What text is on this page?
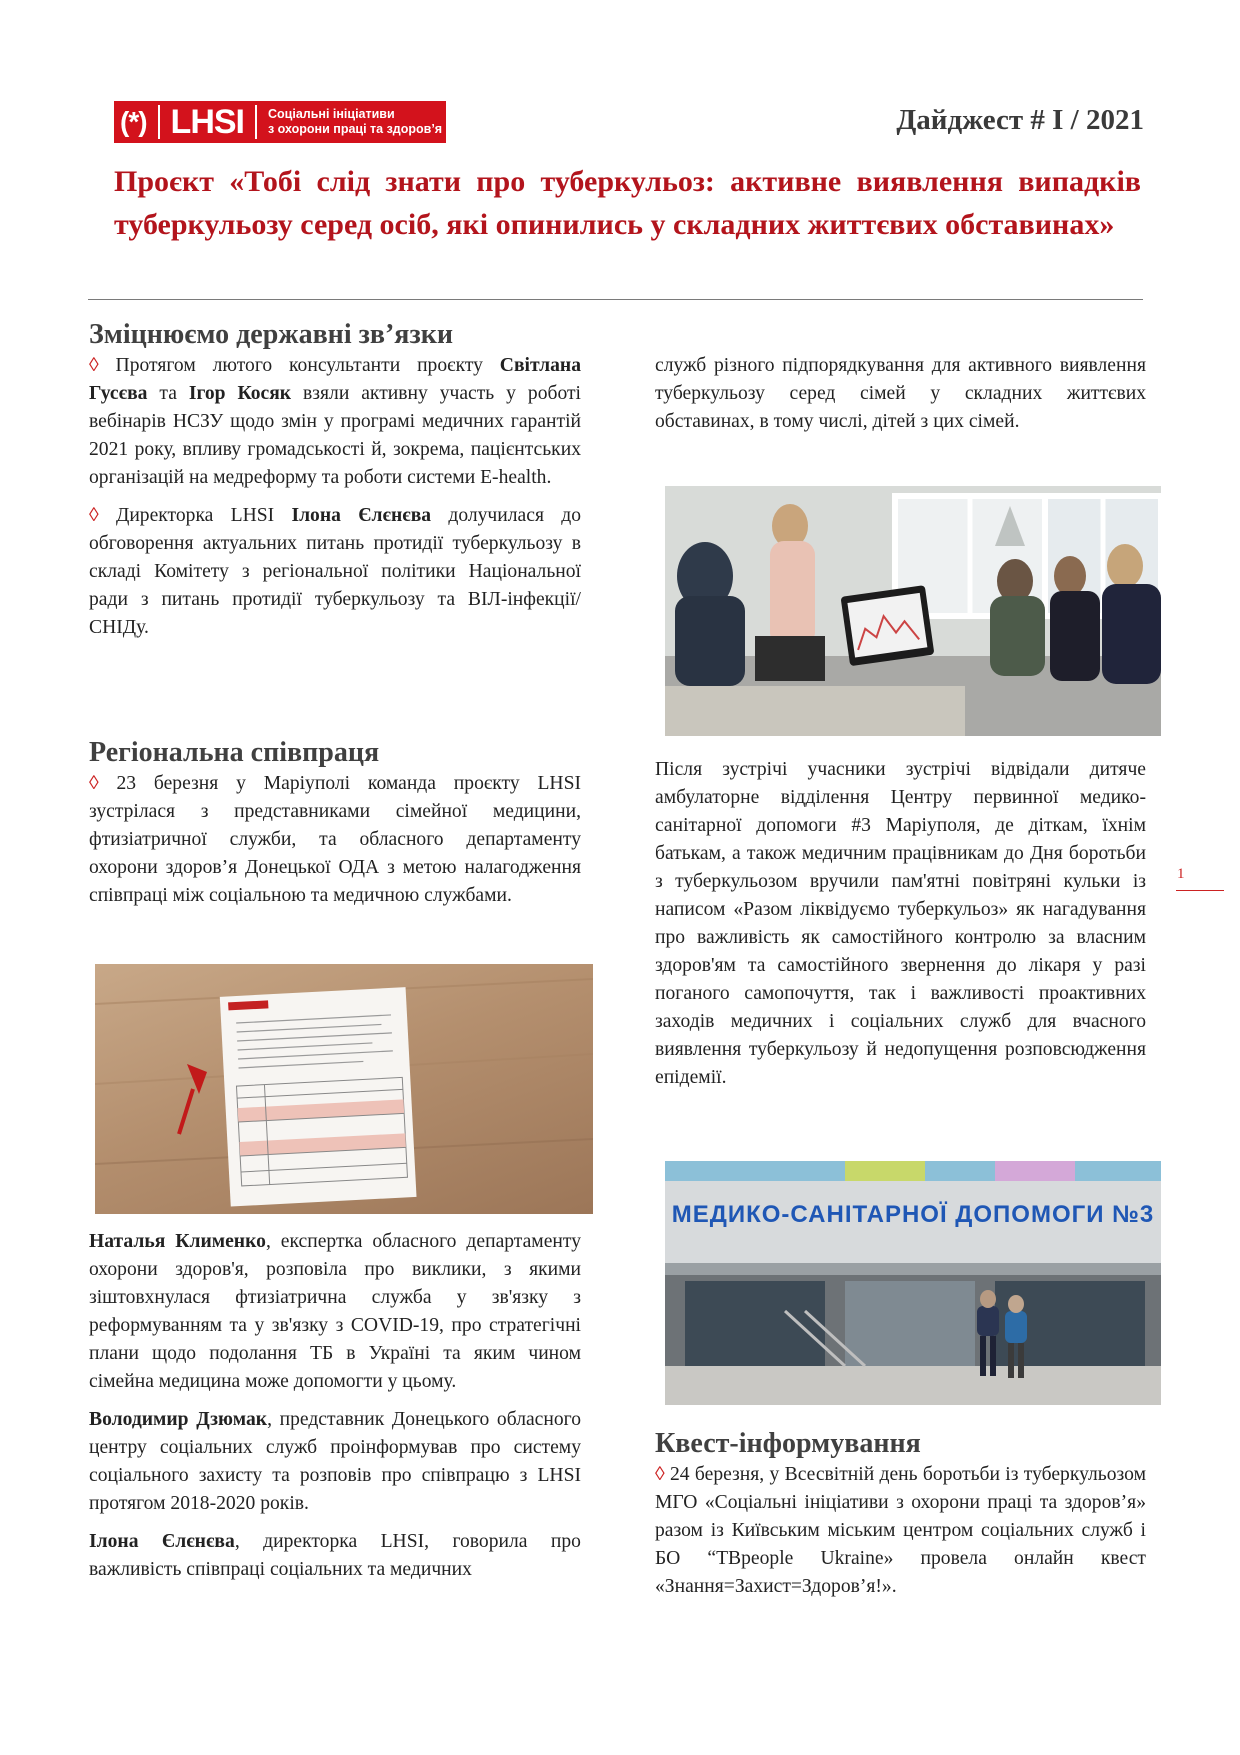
(*) LHSI	Соціальні ініціативи
з охорони праці та здоров’я	Дайджест # I / 2021
Проєкт «Тобі слід знати про туберкульоз: активне виявлення випадків туберкульозу серед осіб, які опинились у складних життєвих обставинах»
Зміцнюємо державні зв’язки

◊ Протягом лютого консультанти проєкту Світлана Гусєва та Ігор Косяк взяли активну участь у роботі вебінарів НСЗУ щодо змін у програмі медичних гарантій 2021 року, впливу громадськості й, зокрема, пацієнтських організацій на медреформу та роботи системи E-health.

◊ Директорка LHSI Ілона Єлєнєва долучилася до обговорення актуальних питань протидії туберкульозу в складі Комітету з регіональної політики Національної ради з питань протидії туберкульозу та ВІЛ-інфекції/СНІДу.

Регіональна співпраця

◊ 23 березня у Маріуполі команда проєкту LHSI зустрілася з представниками сімейної медицини, фтизіатричної служби, та обласного департаменту охорони здоров’я Донецької ОДА з метою налагодження співпраці між соціальною та медичною службами.

Наталья Клименко, експертка обласного департаменту охорони здоров'я, розповіла про виклики, з якими зіштовхнулася фтизіатрична служба у зв'язку з реформуванням та у зв'язку з COVID-19, про стратегічні плани щодо подолання ТБ в Україні та яким чином сімейна медицина може допомогти у цьому.

Володимир Дзюмак, представник Донецького обласного центру соціальних служб проінформував про систему соціального захисту та розповів про співпрацю з LHSI протягом 2018-2020 років.

Ілона Єлєнєва, директорка LHSI, говорила про важливість співпраці соціальних та медичних

служб різного підпорядкування для активного виявлення туберкульозу серед сімей у складних життєвих обставинах, в тому числі, дітей з цих сімей.

Після зустрічі учасники зустрічі відвідали дитяче амбулаторне відділення Центру первинної медико-санітарної допомоги #3 Маріуполя, де діткам, їхнім батькам, а також медичним працівникам до Дня боротьби з туберкульозом вручили пам'ятні повітряні кульки із написом «Разом ліквідуємо туберкульоз» як нагадування про важливість як самостійного контролю за власним здоров'ям та самостійного звернення до лікаря у разі поганого самопочуття, так і важливості проактивних заходів медичних і соціальних служб для вчасного виявлення туберкульозу й недопущення розповсюдження епідемії.

МЕДИКО-САНІТАРНОЇ ДОПОМОГИ №3
Квест-інформування

◊ 24 березня, у Всесвітній день боротьби із туберкульозом МГО «Соціальні ініціативи з охорони праці та здоров’я» разом із Київським міським центром соціальних служб і БО “ТВpeople Ukraine» провела онлайн квест «Знання=Захист=Здоров’я!».

1
